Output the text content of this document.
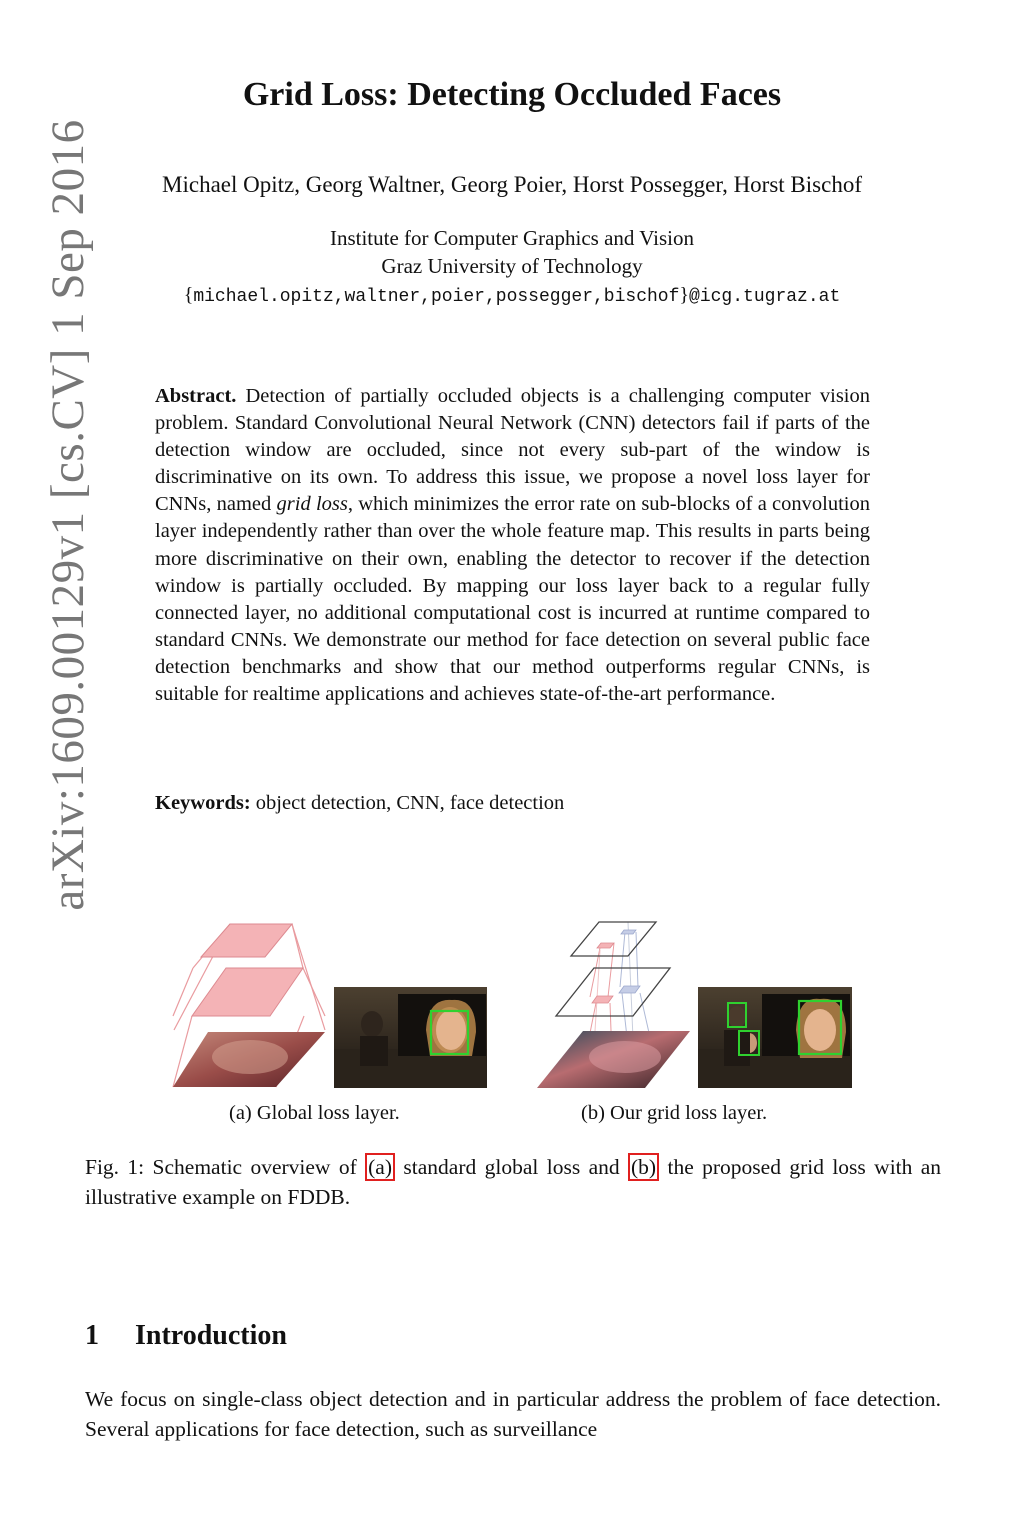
arXiv:1609.00129v1 [cs.CV] 1 Sep 2016
Grid Loss: Detecting Occluded Faces
Michael Opitz, Georg Waltner, Georg Poier, Horst Possegger, Horst Bischof
Institute for Computer Graphics and Vision
Graz University of Technology
{michael.opitz,waltner,poier,possegger,bischof}@icg.tugraz.at

Abstract. Detection of partially occluded objects is a challenging computer vision problem. Standard Convolutional Neural Network (CNN) detectors fail if parts of the detection window are occluded, since not every sub-part of the window is discriminative on its own. To address this issue, we propose a novel loss layer for CNNs, named grid loss, which minimizes the error rate on sub-blocks of a convolution layer independently rather than over the whole feature map. This results in parts being more discriminative on their own, enabling the detector to recover if the detection window is partially occluded. By mapping our loss layer back to a regular fully connected layer, no additional computational cost is incurred at runtime compared to standard CNNs. We demonstrate our method for face detection on several public face detection benchmarks and show that our method outperforms regular CNNs, is suitable for realtime applications and achieves state-of-the-art performance.

Keywords: object detection, CNN, face detection

(a) Global loss layer.	(b) Our grid loss layer.

Fig. 1: Schematic overview of (a) standard global loss and (b) the proposed grid loss with an illustrative example on FDDB.

1 Introduction

We focus on single-class object detection and in particular address the problem of face detection. Several applications for face detection, such as surveillance
